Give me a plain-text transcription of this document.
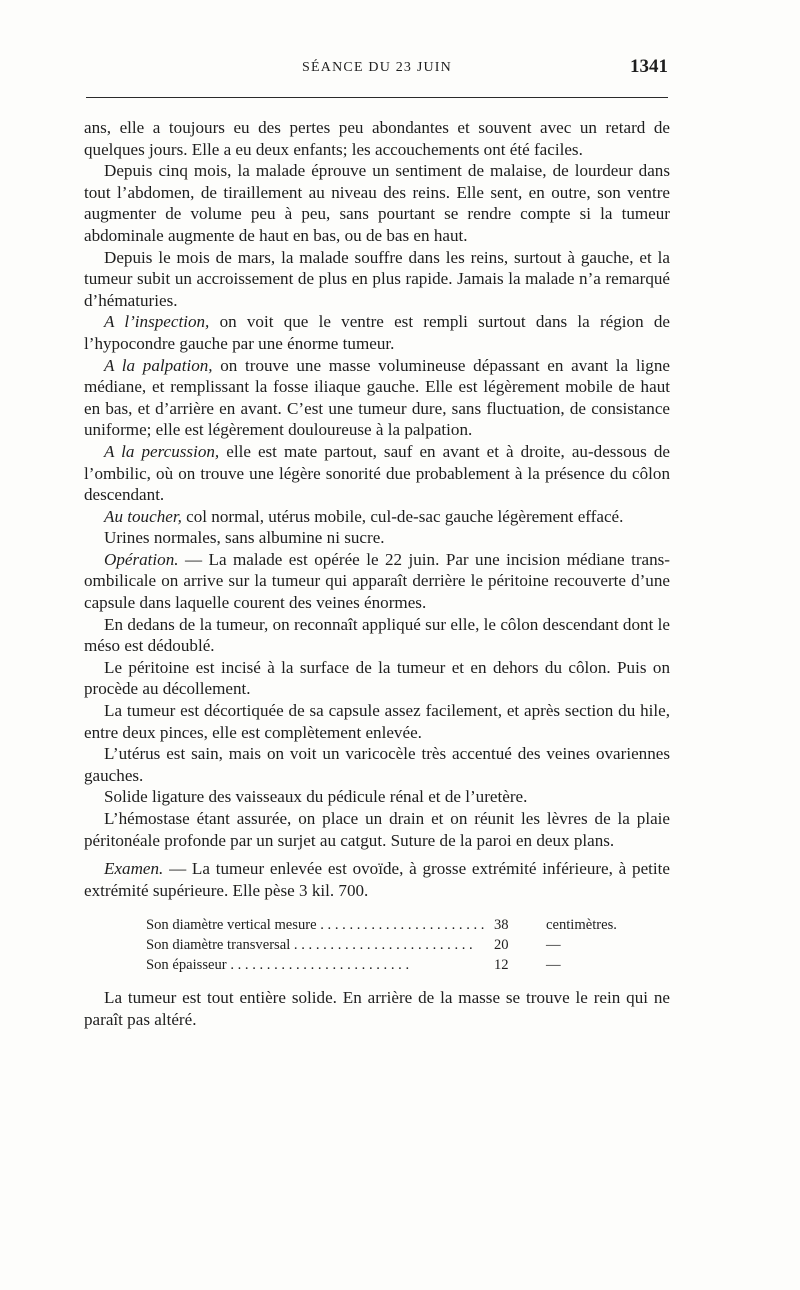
SÉANCE DU 23 JUIN	1341

ans, elle a toujours eu des pertes peu abondantes et souvent avec un retard de quelques jours. Elle a eu deux enfants; les accouchements ont été faciles.

Depuis cinq mois, la malade éprouve un sentiment de malaise, de lourdeur dans tout l’abdomen, de tiraillement au niveau des reins. Elle sent, en outre, son ventre augmenter de volume peu à peu, sans pourtant se rendre compte si la tumeur abdominale augmente de haut en bas, ou de bas en haut.

Depuis le mois de mars, la malade souffre dans les reins, surtout à gauche, et la tumeur subit un accroissement de plus en plus rapide. Jamais la malade n’a remarqué d’hématuries.

A l’inspection, on voit que le ventre est rempli surtout dans la région de l’hypocondre gauche par une énorme tumeur.

A la palpation, on trouve une masse volumineuse dépassant en avant la ligne médiane, et remplissant la fosse iliaque gauche. Elle est légèrement mobile de haut en bas, et d’arrière en avant. C’est une tumeur dure, sans fluctuation, de consistance uniforme; elle est légèrement douloureuse à la palpation.

A la percussion, elle est mate partout, sauf en avant et à droite, au-dessous de l’ombilic, où on trouve une légère sonorité due probablement à la présence du côlon descendant.

Au toucher, col normal, utérus mobile, cul-de-sac gauche légèrement effacé.

Urines normales, sans albumine ni sucre.

Opération. — La malade est opérée le 22 juin. Par une incision médiane trans-ombilicale on arrive sur la tumeur qui apparaît derrière le péritoine recouverte d’une capsule dans laquelle courent des veines énormes.

En dedans de la tumeur, on reconnaît appliqué sur elle, le côlon descendant dont le méso est dédoublé.

Le péritoine est incisé à la surface de la tumeur et en dehors du côlon. Puis on procède au décollement.

La tumeur est décortiquée de sa capsule assez facilement, et après section du hile, entre deux pinces, elle est complètement enlevée.

L’utérus est sain, mais on voit un varicocèle très accentué des veines ovariennes gauches.

Solide ligature des vaisseaux du pédicule rénal et de l’uretère.

L’hémostase étant assurée, on place un drain et on réunit les lèvres de la plaie péritonéale profonde par un surjet au catgut. Suture de la paroi en deux plans.

Examen. — La tumeur enlevée est ovoïde, à grosse extrémité inférieure, à petite extrémité supérieure. Elle pèse 3 kil. 700.

Son diamètre vertical mesure . . .	38	centimètres.
Son diamètre transversal . . .	20	—
Son épaisseur . . .	12	—

La tumeur est tout entière solide. En arrière de la masse se trouve le rein qui ne paraît pas altéré.
